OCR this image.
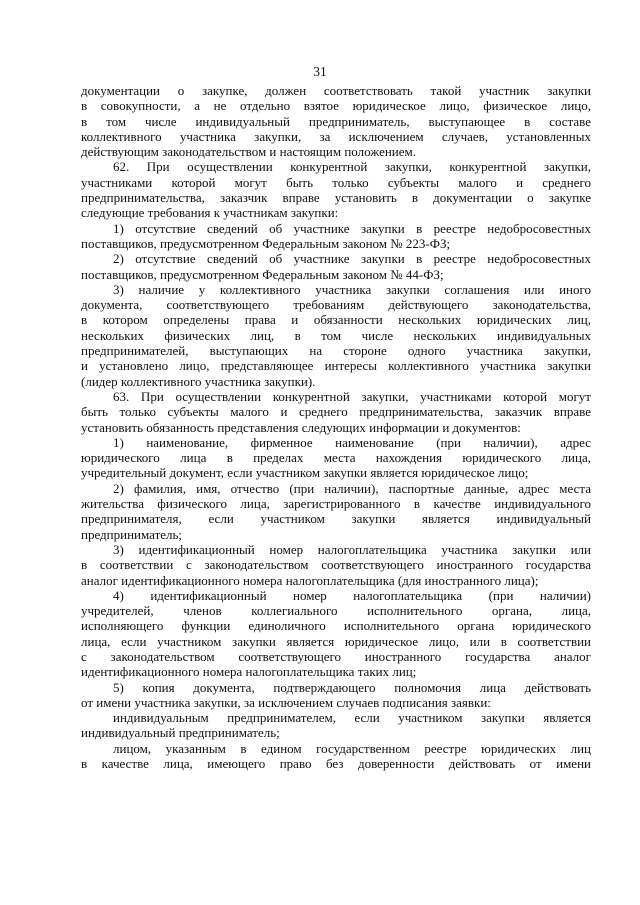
31
документации о закупке, должен соответствовать такой участник закупки
в совокупности, а не отдельно взятое юридическое лицо, физическое лицо,
в том числе индивидуальный предприниматель, выступающее в составе
коллективного участника закупки, за исключением случаев, установленных
действующим законодательством и настоящим положением.
62. При осуществлении конкурентной закупки, конкурентной закупки,
участниками которой могут быть только субъекты малого и среднего
предпринимательства, заказчик вправе установить в документации о закупке
следующие требования к участникам закупки:
1) отсутствие сведений об участнике закупки в реестре недобросовестных
поставщиков, предусмотренном Федеральным законом № 223-ФЗ;
2) отсутствие сведений об участнике закупки в реестре недобросовестных
поставщиков, предусмотренном Федеральным законом № 44-ФЗ;
3) наличие у коллективного участника закупки соглашения или иного
документа, соответствующего требованиям действующего законодательства,
в котором определены права и обязанности нескольких юридических лиц,
нескольких физических лиц, в том числе нескольких индивидуальных
предпринимателей, выступающих на стороне одного участника закупки,
и установлено лицо, представляющее интересы коллективного участника закупки
(лидер коллективного участника закупки).
63. При осуществлении конкурентной закупки, участниками которой могут
быть только субъекты малого и среднего предпринимательства, заказчик вправе
установить обязанность представления следующих информации и документов:
1) наименование, фирменное наименование (при наличии), адрес
юридического лица в пределах места нахождения юридического лица,
учредительный документ, если участником закупки является юридическое лицо;
2) фамилия, имя, отчество (при наличии), паспортные данные, адрес места
жительства физического лица, зарегистрированного в качестве индивидуального
предпринимателя, если участником закупки является индивидуальный
предприниматель;
3) идентификационный номер налогоплательщика участника закупки или
в соответствии с законодательством соответствующего иностранного государства
аналог идентификационного номера налогоплательщика (для иностранного лица);
4) идентификационный номер налогоплательщика (при наличии)
учредителей, членов коллегиального исполнительного органа, лица,
исполняющего функции единоличного исполнительного органа юридического
лица, если участником закупки является юридическое лицо, или в соответствии
с законодательством соответствующего иностранного государства аналог
идентификационного номера налогоплательщика таких лиц;
5) копия документа, подтверждающего полномочия лица действовать
от имени участника закупки, за исключением случаев подписания заявки:
индивидуальным предпринимателем, если участником закупки является
индивидуальный предприниматель;
лицом, указанным в едином государственном реестре юридических лиц
в качестве лица, имеющего право без доверенности действовать от имени
